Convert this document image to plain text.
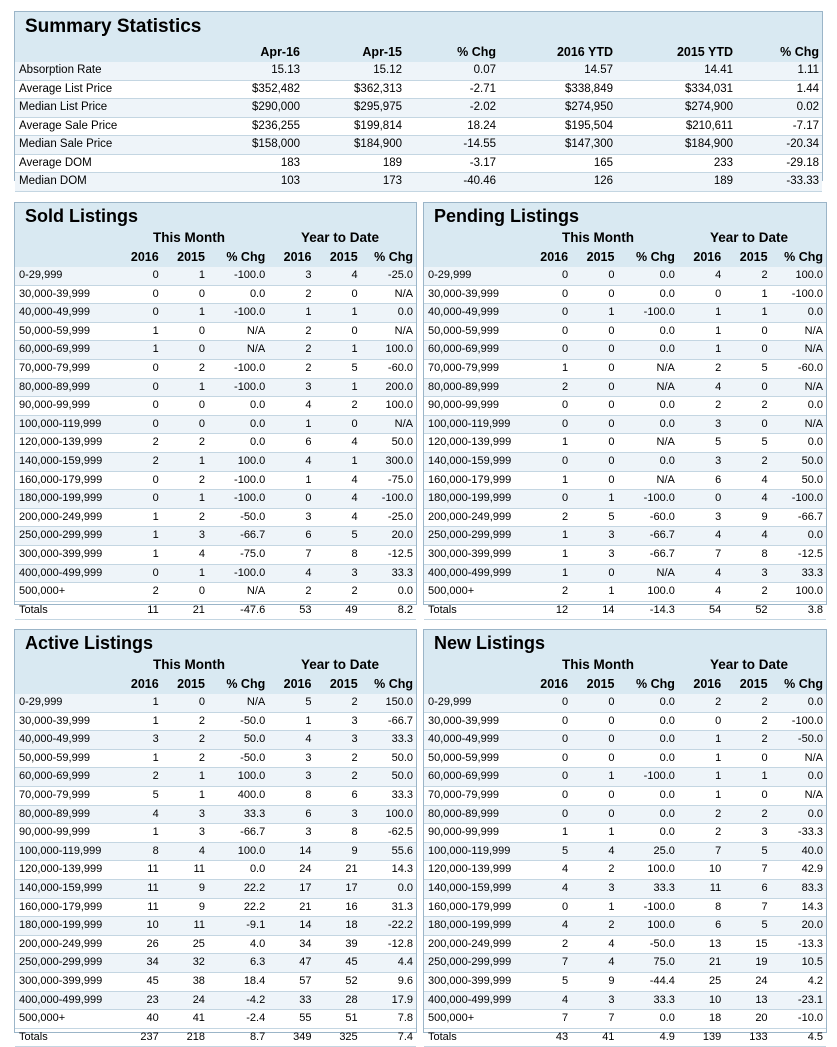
Summary Statistics
	Apr-16	Apr-15	% Chg	2016 YTD	2015 YTD	% Chg
Absorption Rate	15.13	15.12	0.07	14.57	14.41	1.11
Average List Price	$352,482	$362,313	-2.71	$338,849	$334,031	1.44
Median List Price	$290,000	$295,975	-2.02	$274,950	$274,900	0.02
Average Sale Price	$236,255	$199,814	18.24	$195,504	$210,611	-7.17
Median Sale Price	$158,000	$184,900	-14.55	$147,300	$184,900	-20.34
Average DOM	183	189	-3.17	165	233	-29.18
Median DOM	103	173	-40.46	126	189	-33.33
Sold Listings
This Month	Year to Date
	2016	2015	% Chg	2016	2015	% Chg
0-29,999	0	1	-100.0	3	4	-25.0
30,000-39,999	0	0	0.0	2	0	N/A
40,000-49,999	0	1	-100.0	1	1	0.0
50,000-59,999	1	0	N/A	2	0	N/A
60,000-69,999	1	0	N/A	2	1	100.0
70,000-79,999	0	2	-100.0	2	5	-60.0
80,000-89,999	0	1	-100.0	3	1	200.0
90,000-99,999	0	0	0.0	4	2	100.0
100,000-119,999	0	0	0.0	1	0	N/A
120,000-139,999	2	2	0.0	6	4	50.0
140,000-159,999	2	1	100.0	4	1	300.0
160,000-179,999	0	2	-100.0	1	4	-75.0
180,000-199,999	0	1	-100.0	0	4	-100.0
200,000-249,999	1	2	-50.0	3	4	-25.0
250,000-299,999	1	3	-66.7	6	5	20.0
300,000-399,999	1	4	-75.0	7	8	-12.5
400,000-499,999	0	1	-100.0	4	3	33.3
500,000+	2	0	N/A	2	2	0.0
Totals	11	21	-47.6	53	49	8.2
Pending Listings
This Month	Year to Date
	2016	2015	% Chg	2016	2015	% Chg
0-29,999	0	0	0.0	4	2	100.0
30,000-39,999	0	0	0.0	0	1	-100.0
40,000-49,999	0	1	-100.0	1	1	0.0
50,000-59,999	0	0	0.0	1	0	N/A
60,000-69,999	0	0	0.0	1	0	N/A
70,000-79,999	1	0	N/A	2	5	-60.0
80,000-89,999	2	0	N/A	4	0	N/A
90,000-99,999	0	0	0.0	2	2	0.0
100,000-119,999	0	0	0.0	3	0	N/A
120,000-139,999	1	0	N/A	5	5	0.0
140,000-159,999	0	0	0.0	3	2	50.0
160,000-179,999	1	0	N/A	6	4	50.0
180,000-199,999	0	1	-100.0	0	4	-100.0
200,000-249,999	2	5	-60.0	3	9	-66.7
250,000-299,999	1	3	-66.7	4	4	0.0
300,000-399,999	1	3	-66.7	7	8	-12.5
400,000-499,999	1	0	N/A	4	3	33.3
500,000+	2	1	100.0	4	2	100.0
Totals	12	14	-14.3	54	52	3.8
Active Listings
This Month	Year to Date
	2016	2015	% Chg	2016	2015	% Chg
0-29,999	1	0	N/A	5	2	150.0
30,000-39,999	1	2	-50.0	1	3	-66.7
40,000-49,999	3	2	50.0	4	3	33.3
50,000-59,999	1	2	-50.0	3	2	50.0
60,000-69,999	2	1	100.0	3	2	50.0
70,000-79,999	5	1	400.0	8	6	33.3
80,000-89,999	4	3	33.3	6	3	100.0
90,000-99,999	1	3	-66.7	3	8	-62.5
100,000-119,999	8	4	100.0	14	9	55.6
120,000-139,999	11	11	0.0	24	21	14.3
140,000-159,999	11	9	22.2	17	17	0.0
160,000-179,999	11	9	22.2	21	16	31.3
180,000-199,999	10	11	-9.1	14	18	-22.2
200,000-249,999	26	25	4.0	34	39	-12.8
250,000-299,999	34	32	6.3	47	45	4.4
300,000-399,999	45	38	18.4	57	52	9.6
400,000-499,999	23	24	-4.2	33	28	17.9
500,000+	40	41	-2.4	55	51	7.8
Totals	237	218	8.7	349	325	7.4
New Listings
This Month	Year to Date
	2016	2015	% Chg	2016	2015	% Chg
0-29,999	0	0	0.0	2	2	0.0
30,000-39,999	0	0	0.0	0	2	-100.0
40,000-49,999	0	0	0.0	1	2	-50.0
50,000-59,999	0	0	0.0	1	0	N/A
60,000-69,999	0	1	-100.0	1	1	0.0
70,000-79,999	0	0	0.0	1	0	N/A
80,000-89,999	0	0	0.0	2	2	0.0
90,000-99,999	1	1	0.0	2	3	-33.3
100,000-119,999	5	4	25.0	7	5	40.0
120,000-139,999	4	2	100.0	10	7	42.9
140,000-159,999	4	3	33.3	11	6	83.3
160,000-179,999	0	1	-100.0	8	7	14.3
180,000-199,999	4	2	100.0	6	5	20.0
200,000-249,999	2	4	-50.0	13	15	-13.3
250,000-299,999	7	4	75.0	21	19	10.5
300,000-399,999	5	9	-44.4	25	24	4.2
400,000-499,999	4	3	33.3	10	13	-23.1
500,000+	7	7	0.0	18	20	-10.0
Totals	43	41	4.9	139	133	4.5
